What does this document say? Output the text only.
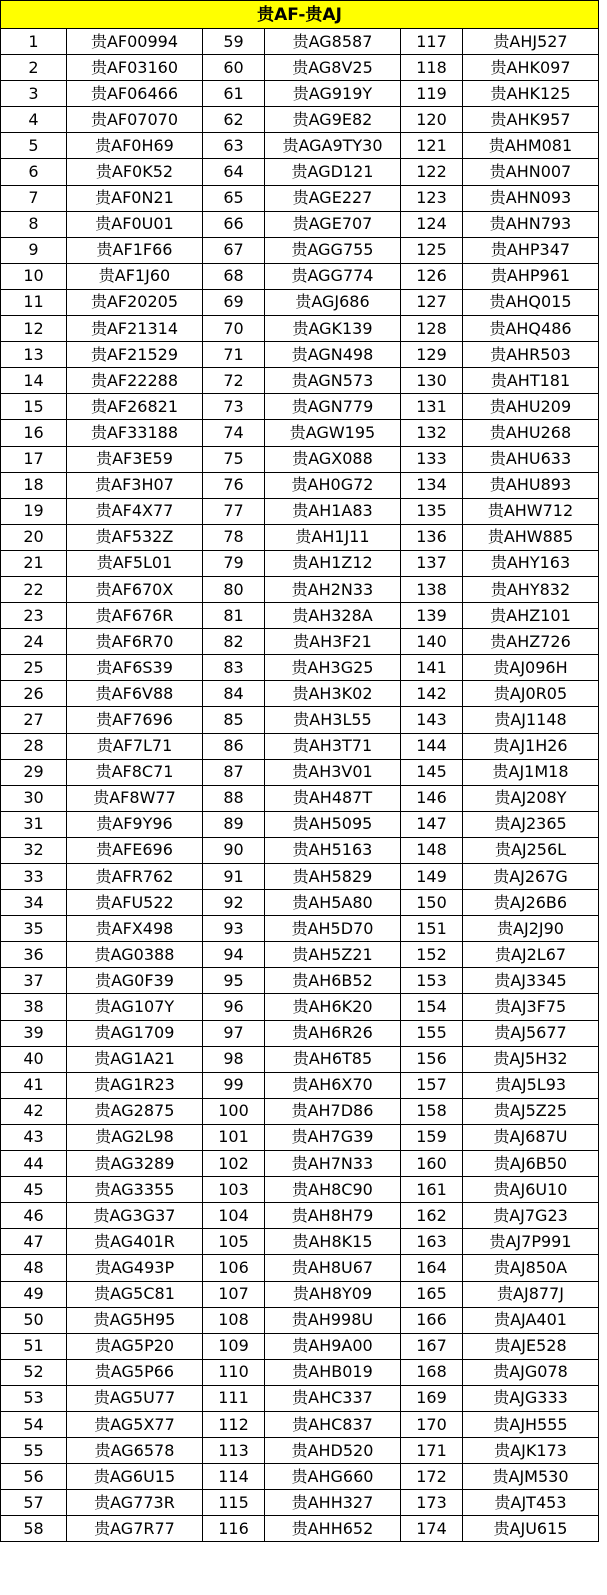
贵AF-贵AJ					
1	贵AF00994	59	贵AG8587	117	贵AHJ527
2	贵AF03160	60	贵AG8V25	118	贵AHK097
3	贵AF06466	61	贵AG919Y	119	贵AHK125
4	贵AF07070	62	贵AG9E82	120	贵AHK957
5	贵AF0H69	63	贵AGA9TY30	121	贵AHM081
6	贵AF0K52	64	贵AGD121	122	贵AHN007
7	贵AF0N21	65	贵AGE227	123	贵AHN093
8	贵AF0U01	66	贵AGE707	124	贵AHN793
9	贵AF1F66	67	贵AGG755	125	贵AHP347
10	贵AF1J60	68	贵AGG774	126	贵AHP961
11	贵AF20205	69	贵AGJ686	127	贵AHQ015
12	贵AF21314	70	贵AGK139	128	贵AHQ486
13	贵AF21529	71	贵AGN498	129	贵AHR503
14	贵AF22288	72	贵AGN573	130	贵AHT181
15	贵AF26821	73	贵AGN779	131	贵AHU209
16	贵AF33188	74	贵AGW195	132	贵AHU268
17	贵AF3E59	75	贵AGX088	133	贵AHU633
18	贵AF3H07	76	贵AH0G72	134	贵AHU893
19	贵AF4X77	77	贵AH1A83	135	贵AHW712
20	贵AF532Z	78	贵AH1J11	136	贵AHW885
21	贵AF5L01	79	贵AH1Z12	137	贵AHY163
22	贵AF670X	80	贵AH2N33	138	贵AHY832
23	贵AF676R	81	贵AH328A	139	贵AHZ101
24	贵AF6R70	82	贵AH3F21	140	贵AHZ726
25	贵AF6S39	83	贵AH3G25	141	贵AJ096H
26	贵AF6V88	84	贵AH3K02	142	贵AJ0R05
27	贵AF7696	85	贵AH3L55	143	贵AJ1148
28	贵AF7L71	86	贵AH3T71	144	贵AJ1H26
29	贵AF8C71	87	贵AH3V01	145	贵AJ1M18
30	贵AF8W77	88	贵AH487T	146	贵AJ208Y
31	贵AF9Y96	89	贵AH5095	147	贵AJ2365
32	贵AFE696	90	贵AH5163	148	贵AJ256L
33	贵AFR762	91	贵AH5829	149	贵AJ267G
34	贵AFU522	92	贵AH5A80	150	贵AJ26B6
35	贵AFX498	93	贵AH5D70	151	贵AJ2J90
36	贵AG0388	94	贵AH5Z21	152	贵AJ2L67
37	贵AG0F39	95	贵AH6B52	153	贵AJ3345
38	贵AG107Y	96	贵AH6K20	154	贵AJ3F75
39	贵AG1709	97	贵AH6R26	155	贵AJ5677
40	贵AG1A21	98	贵AH6T85	156	贵AJ5H32
41	贵AG1R23	99	贵AH6X70	157	贵AJ5L93
42	贵AG2875	100	贵AH7D86	158	贵AJ5Z25
43	贵AG2L98	101	贵AH7G39	159	贵AJ687U
44	贵AG3289	102	贵AH7N33	160	贵AJ6B50
45	贵AG3355	103	贵AH8C90	161	贵AJ6U10
46	贵AG3G37	104	贵AH8H79	162	贵AJ7G23
47	贵AG401R	105	贵AH8K15	163	贵AJ7P991
48	贵AG493P	106	贵AH8U67	164	贵AJ850A
49	贵AG5C81	107	贵AH8Y09	165	贵AJ877J
50	贵AG5H95	108	贵AH998U	166	贵AJA401
51	贵AG5P20	109	贵AH9A00	167	贵AJE528
52	贵AG5P66	110	贵AHB019	168	贵AJG078
53	贵AG5U77	111	贵AHC337	169	贵AJG333
54	贵AG5X77	112	贵AHC837	170	贵AJH555
55	贵AG6578	113	贵AHD520	171	贵AJK173
56	贵AG6U15	114	贵AHG660	172	贵AJM530
57	贵AG773R	115	贵AHH327	173	贵AJT453
58	贵AG7R77	116	贵AHH652	174	贵AJU615
